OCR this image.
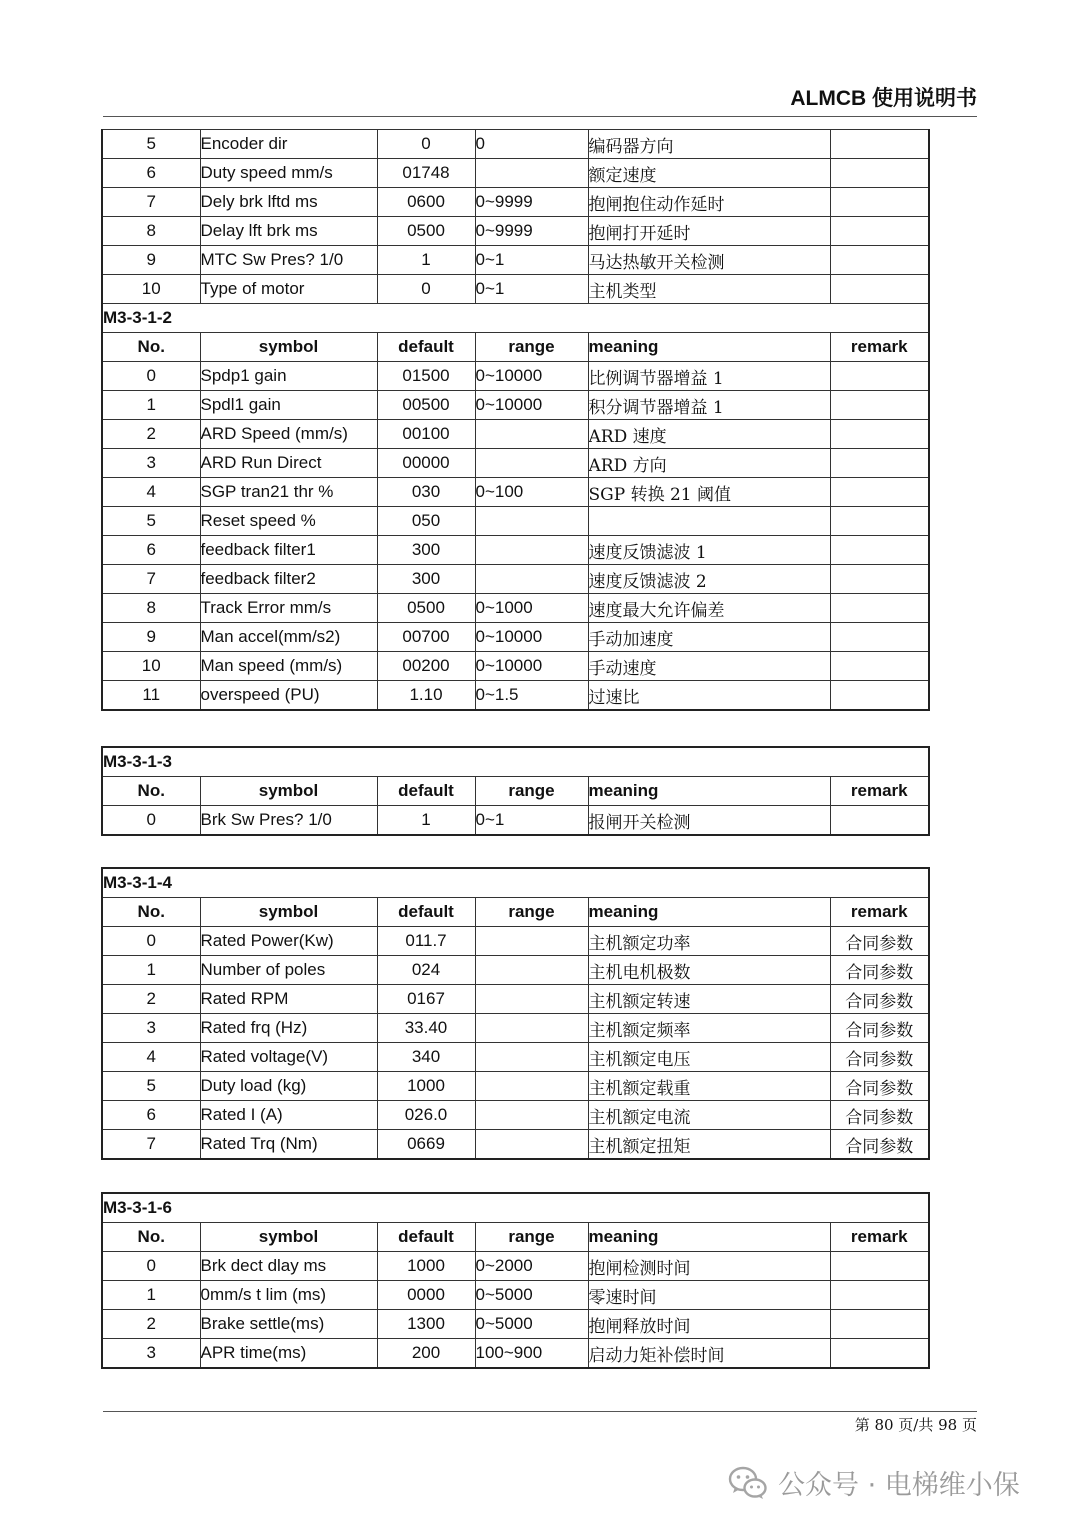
ALMCB 使用说明书
5	Encoder dir	0	0	编码器方向	
6	Duty speed mm/s	01748		额定速度	
7	Dely brk lftd ms	0600	0~9999	抱闸抱住动作延时	
8	Delay lft brk ms	0500	0~9999	抱闸打开延时	
9	MTC Sw Pres? 1/0	1	0~1	马达热敏开关检测	
10	Type of motor	0	0~1	主机类型	
M3-3-1-2					
No.	symbol	default	range	meaning	remark
0	Spdp1 gain	01500	0~10000	比例调节器增益 1	
1	Spdl1 gain	00500	0~10000	积分调节器增益 1	
2	ARD Speed (mm/s)	00100		ARD 速度	
3	ARD Run Direct	00000		ARD 方向	
4	SGP tran21 thr %	030	0~100	SGP 转换 21 阈值	
5	Reset speed %	050			
6	feedback filter1	300		速度反馈滤波 1	
7	feedback filter2	300		速度反馈滤波 2	
8	Track Error mm/s	0500	0~1000	速度最大允许偏差	
9	Man accel(mm/s2)	00700	0~10000	手动加速度	
10	Man speed (mm/s)	00200	0~10000	手动速度	
11	overspeed (PU)	1.10	0~1.5	过速比	
M3-3-1-3					
No.	symbol	default	range	meaning	remark
0	Brk Sw Pres? 1/0	1	0~1	报闸开关检测	
M3-3-1-4					
No.	symbol	default	range	meaning	remark
0	Rated Power(Kw)	011.7		主机额定功率	合同参数
1	Number of poles	024		主机电机极数	合同参数
2	Rated RPM	0167		主机额定转速	合同参数
3	Rated frq (Hz)	33.40		主机额定频率	合同参数
4	Rated voltage(V)	340		主机额定电压	合同参数
5	Duty load (kg)	1000		主机额定载重	合同参数
6	Rated I (A)	026.0		主机额定电流	合同参数
7	Rated Trq (Nm)	0669		主机额定扭矩	合同参数
M3-3-1-6					
No.	symbol	default	range	meaning	remark
0	Brk dect dlay ms	1000	0~2000	抱闸检测时间	
1	0mm/s t lim (ms)	0000	0~5000	零速时间	
2	Brake settle(ms)	1300	0~5000	抱闸释放时间	
3	APR time(ms)	200	100~900	启动力矩补偿时间	
第 80 页/共 98 页
公众号 · 电梯维小保
